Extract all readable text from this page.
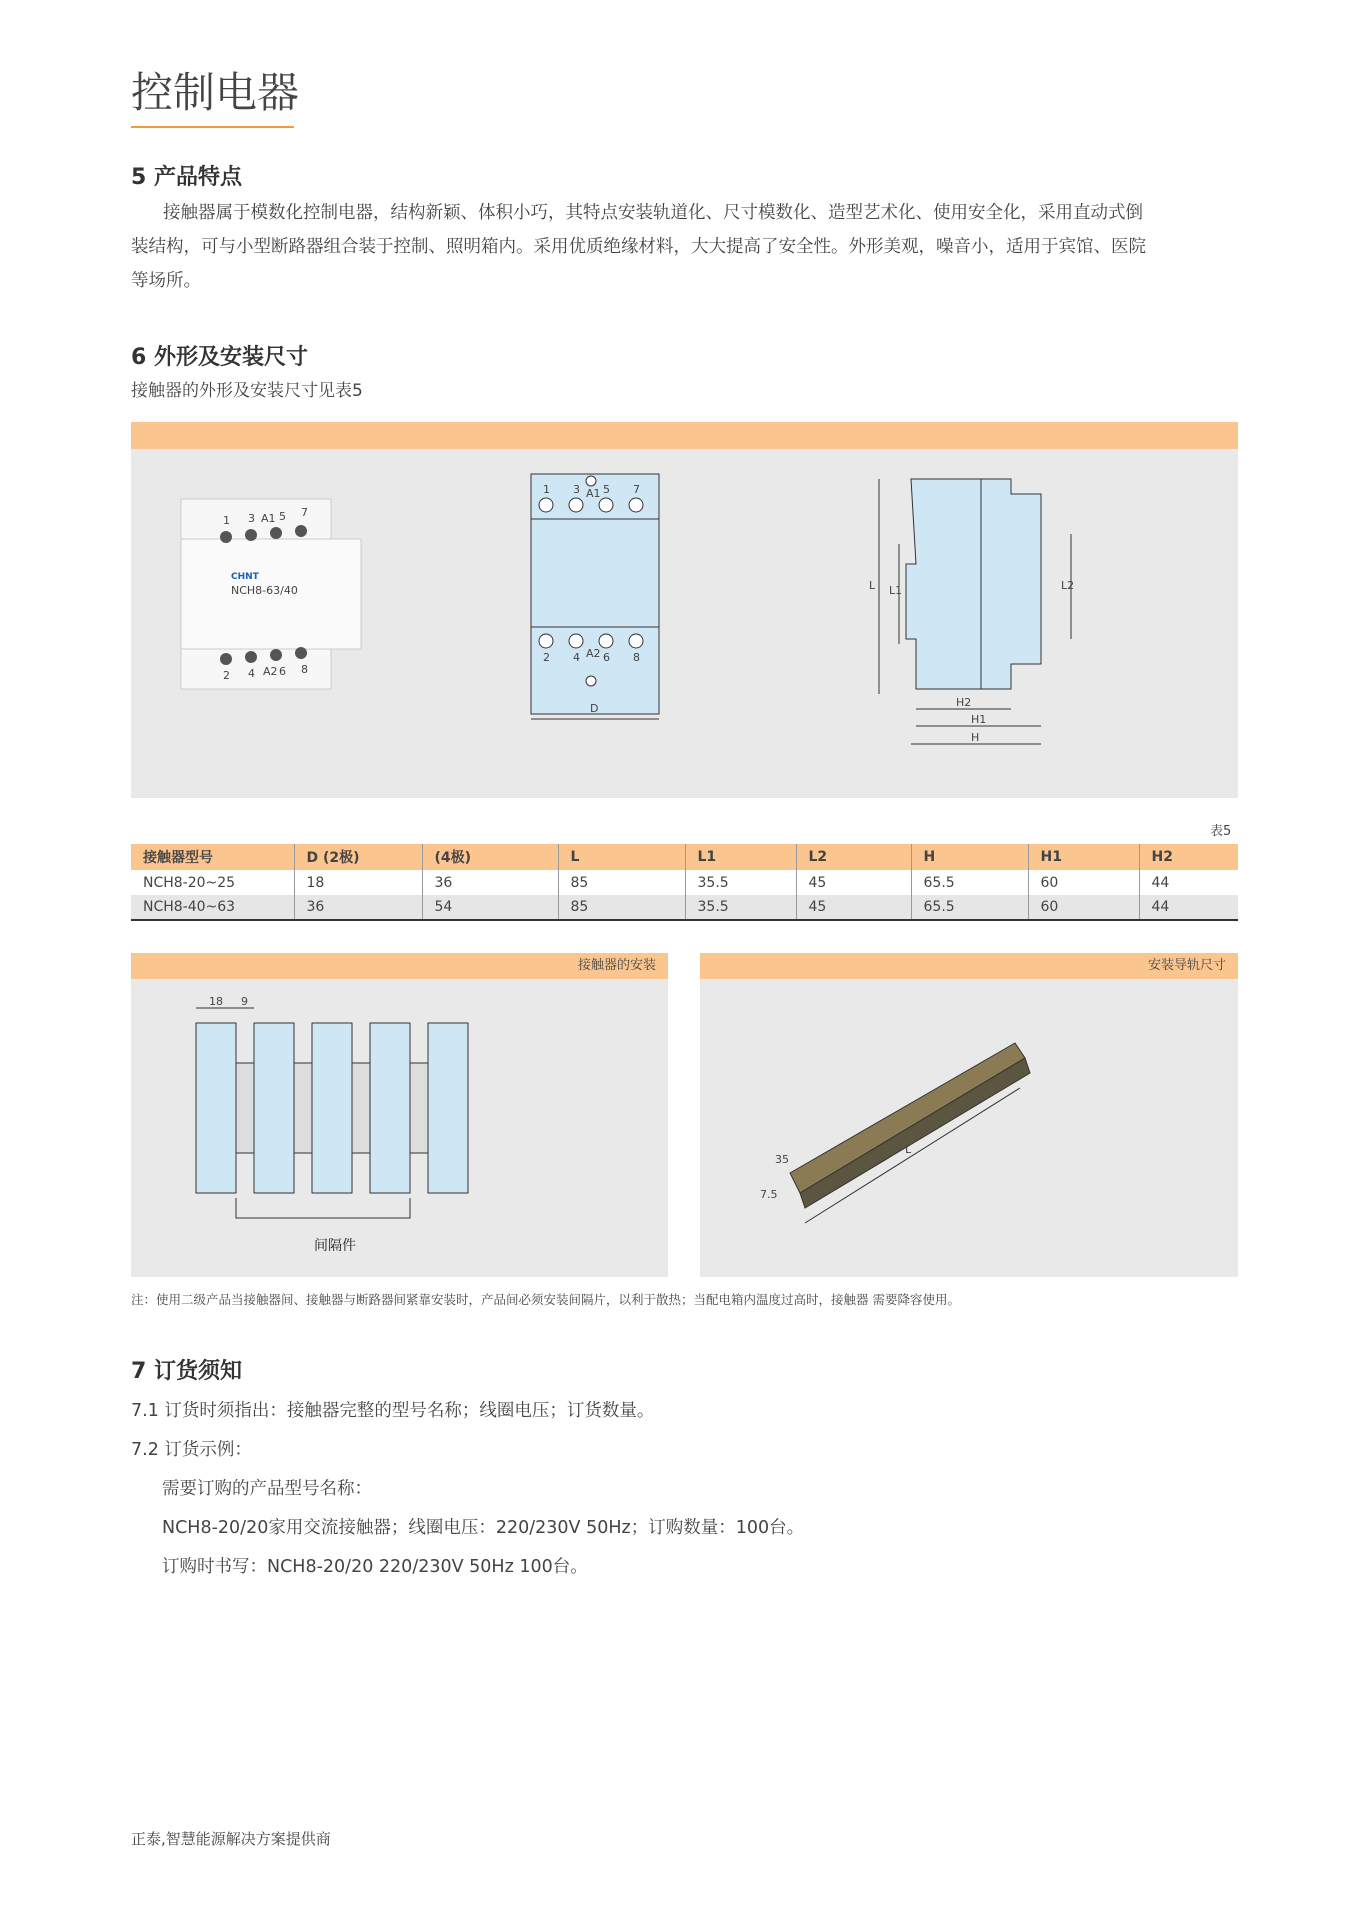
控制电器
5 产品特点
接触器属于模数化控制电器，结构新颖、体积小巧，其特点安装轨道化、尺寸模数化、造型艺术化、使用安全化，采用直动式倒
装结构，可与小型断路器组合装于控制、照明箱内。采用优质绝缘材料，大大提高了安全性。外形美观，噪音小，适用于宾馆、医院
等场所。
6 外形及安装尺寸
接触器的外形及安装尺寸见表5
CHNT
NCH8-63/40
1 3 A1 5 7
2 4 A2 6 8
1 3 A1 5 7
2 4 A2 6 8
D
L L1	L2
H2
H1
H
表5
接触器型号	D (2极)	(4极)	L	L1	L2	H	H1	H2
NCH8-20~25	18	36	85	35.5	45	65.5	60	44
NCH8-40~63	36	54	85	35.5	45	65.5	60	44
接触器的安装
18 9
间隔件
安装导轨尺寸
L
35
7.5
注：使用二级产品当接触器间、接触器与断路器间紧靠安装时，产品间必须安装间隔片，以利于散热；当配电箱内温度过高时，接触器 需要降容使用。
7 订货须知
7.1 订货时须指出：接触器完整的型号名称；线圈电压；订货数量。
7.2 订货示例：
需要订购的产品型号名称：
NCH8-20/20家用交流接触器；线圈电压：220/230V 50Hz；订购数量：100台。
订购时书写：NCH8-20/20 220/230V 50Hz 100台。
正泰,智慧能源解决方案提供商
